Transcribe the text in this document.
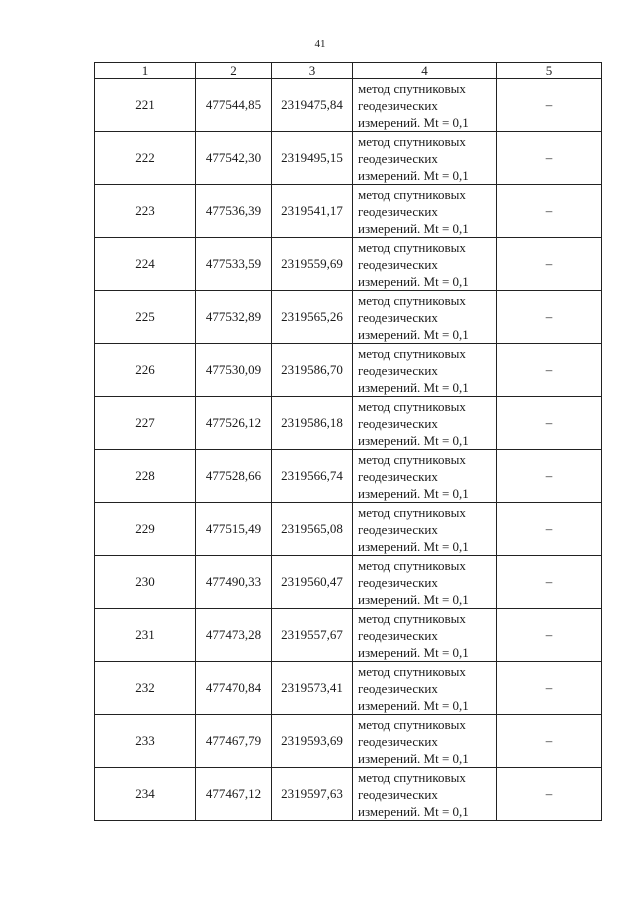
41
1	2	3	4	5
221	477544,85	2319475,84	метод спутниковых
геодезических
измерений. Mt = 0,1	–
222	477542,30	2319495,15	метод спутниковых
геодезических
измерений. Mt = 0,1	–
223	477536,39	2319541,17	метод спутниковых
геодезических
измерений. Mt = 0,1	–
224	477533,59	2319559,69	метод спутниковых
геодезических
измерений. Mt = 0,1	–
225	477532,89	2319565,26	метод спутниковых
геодезических
измерений. Mt = 0,1	–
226	477530,09	2319586,70	метод спутниковых
геодезических
измерений. Mt = 0,1	–
227	477526,12	2319586,18	метод спутниковых
геодезических
измерений. Mt = 0,1	–
228	477528,66	2319566,74	метод спутниковых
геодезических
измерений. Mt = 0,1	–
229	477515,49	2319565,08	метод спутниковых
геодезических
измерений. Mt = 0,1	–
230	477490,33	2319560,47	метод спутниковых
геодезических
измерений. Mt = 0,1	–
231	477473,28	2319557,67	метод спутниковых
геодезических
измерений. Mt = 0,1	–
232	477470,84	2319573,41	метод спутниковых
геодезических
измерений. Mt = 0,1	–
233	477467,79	2319593,69	метод спутниковых
геодезических
измерений. Mt = 0,1	–
234	477467,12	2319597,63	метод спутниковых
геодезических
измерений. Mt = 0,1	–
